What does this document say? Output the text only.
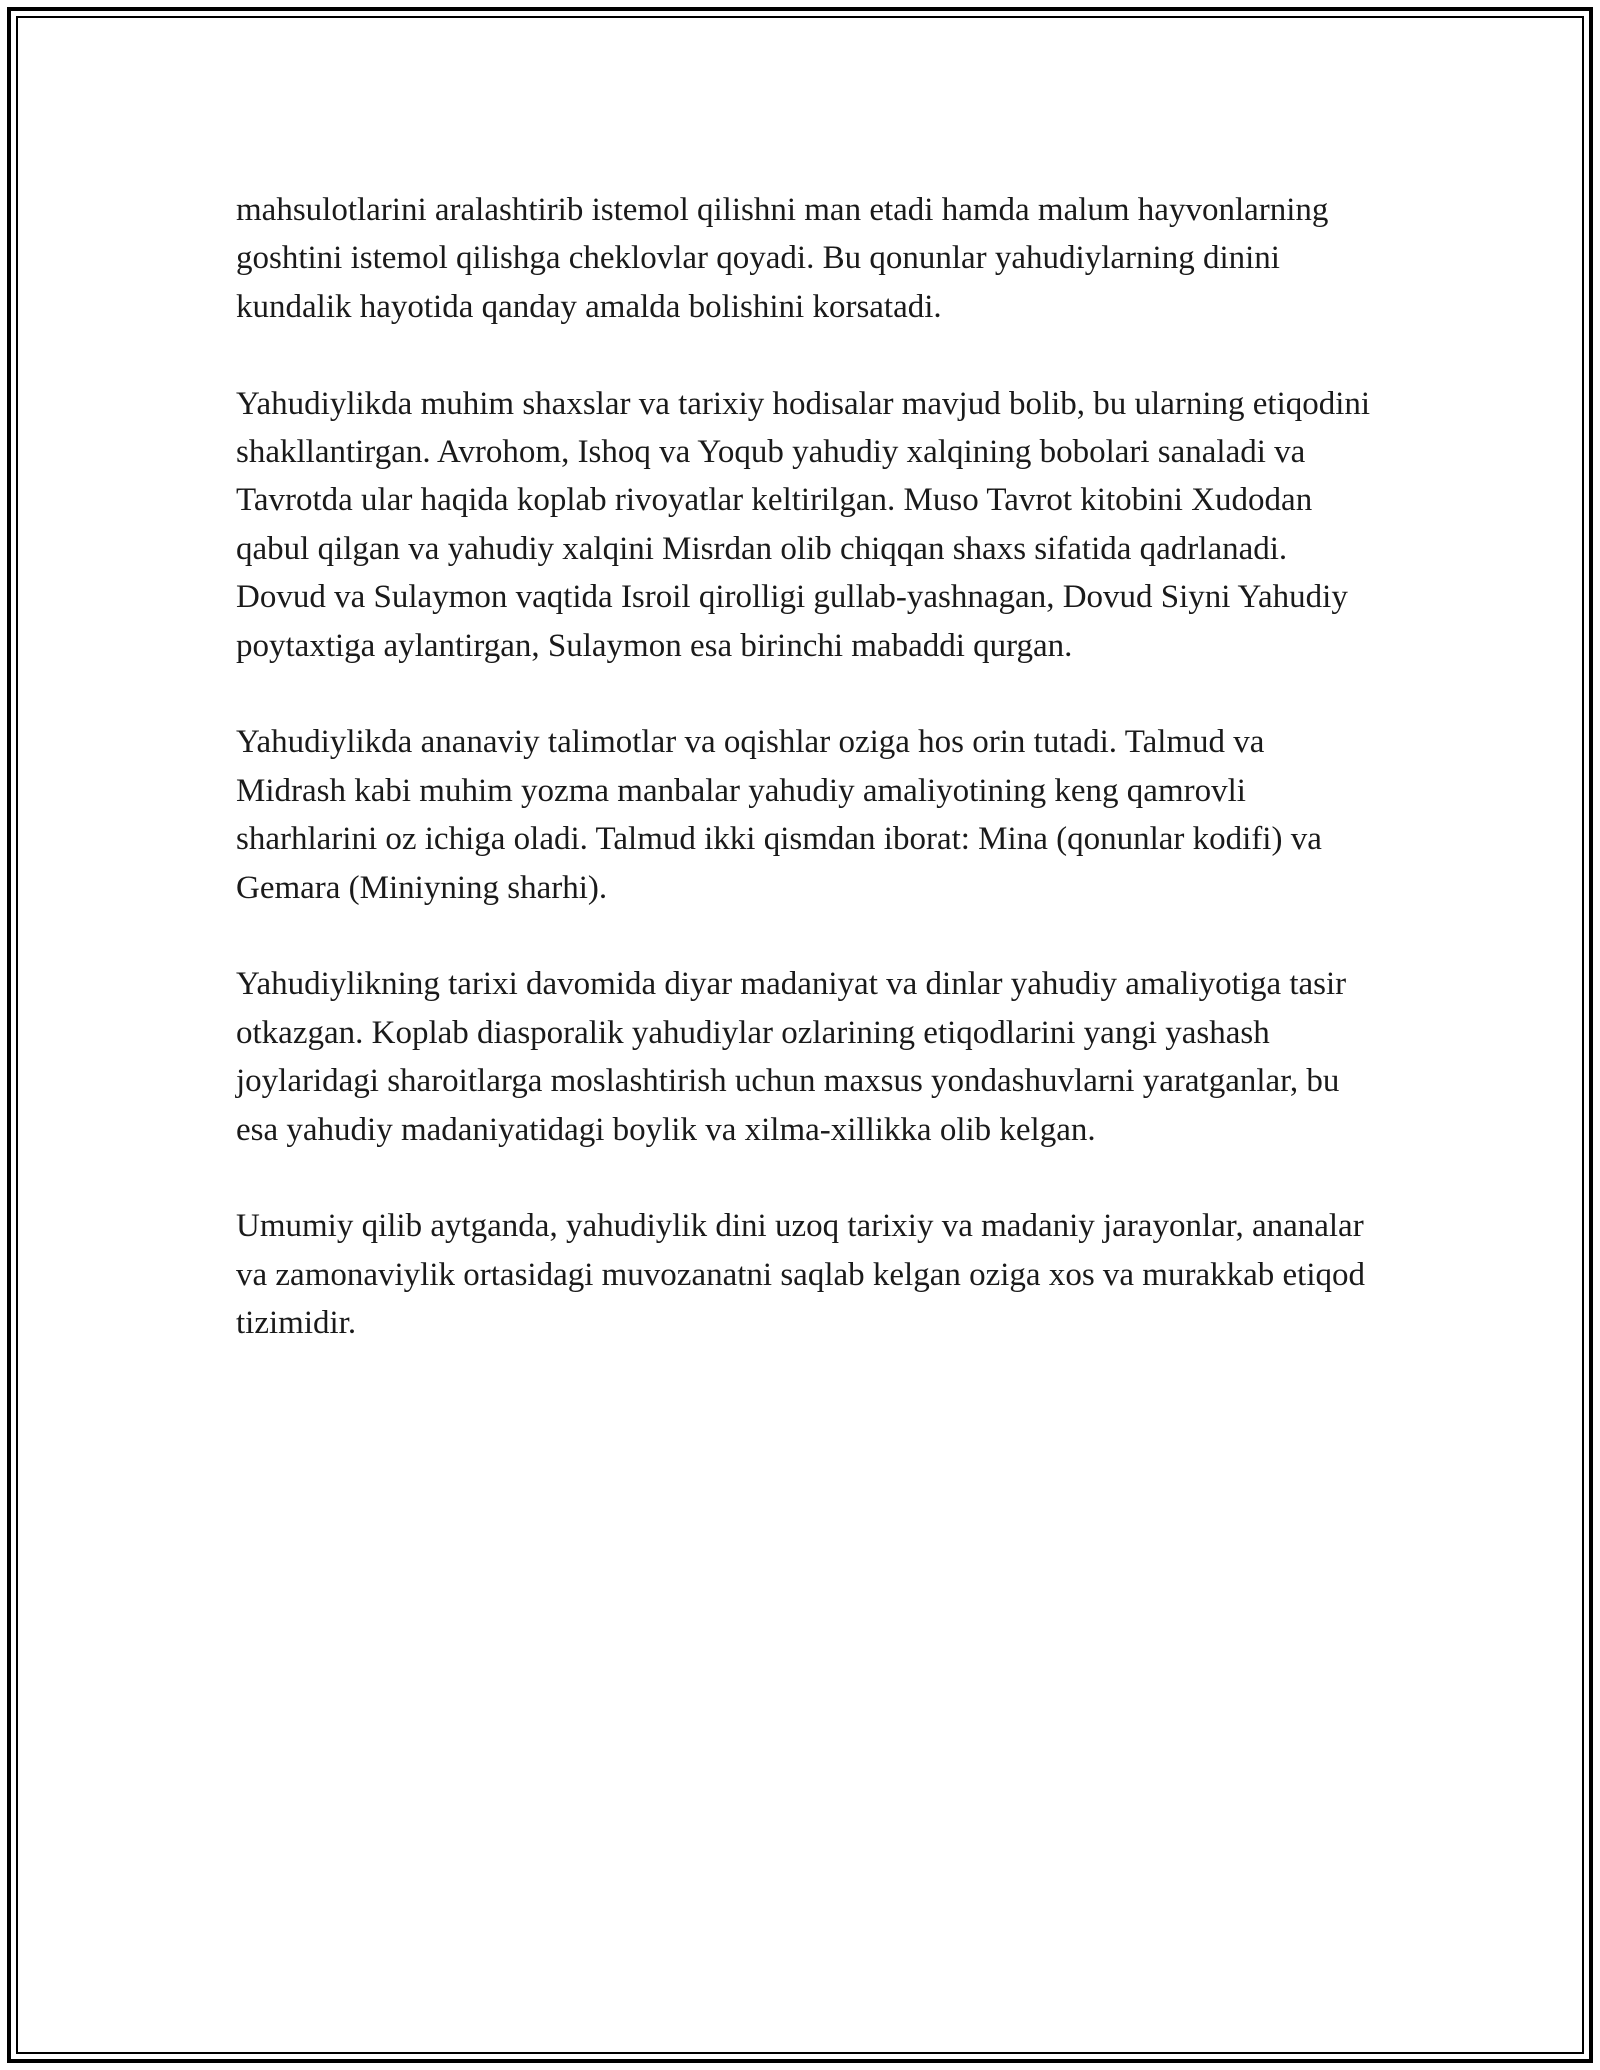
mahsulotlarini aralashtirib istemol qilishni man etadi hamda malum hayvonlarning goshtini istemol qilishga cheklovlar qoyadi. Bu qonunlar yahudiylarning dinini kundalik hayotida qanday amalda bolishini korsatadi.

Yahudiylikda muhim shaxslar va tarixiy hodisalar mavjud bolib, bu ularning etiqodini shakllantirgan. Avrohom, Ishoq va Yoqub yahudiy xalqining bobolari sanaladi va Tavrotda ular haqida koplab rivoyatlar keltirilgan. Muso Tavrot kitobini Xudodan qabul qilgan va yahudiy xalqini Misrdan olib chiqqan shaxs sifatida qadrlanadi. Dovud va Sulaymon vaqtida Isroil qirolligi gullab-yashnagan, Dovud Siyni Yahudiy poytaxtiga aylantirgan, Sulaymon esa birinchi mabaddi qurgan.

Yahudiylikda ananaviy talimotlar va oqishlar oziga hos orin tutadi. Talmud va Midrash kabi muhim yozma manbalar yahudiy amaliyotining keng qamrovli sharhlarini oz ichiga oladi. Talmud ikki qismdan iborat: Mina (qonunlar kodifi) va Gemara (Miniyning sharhi).

Yahudiylikning tarixi davomida diyar madaniyat va dinlar yahudiy amaliyotiga tasir otkazgan. Koplab diasporalik yahudiylar ozlarining etiqodlarini yangi yashash joylaridagi sharoitlarga moslashtirish uchun maxsus yondashuvlarni yaratganlar, bu esa yahudiy madaniyatidagi boylik va xilma-xillikka olib kelgan.

Umumiy qilib aytganda, yahudiylik dini uzoq tarixiy va madaniy jarayonlar, ananalar va zamonaviylik ortasidagi muvozanatni saqlab kelgan oziga xos va murakkab etiqod tizimidir.
